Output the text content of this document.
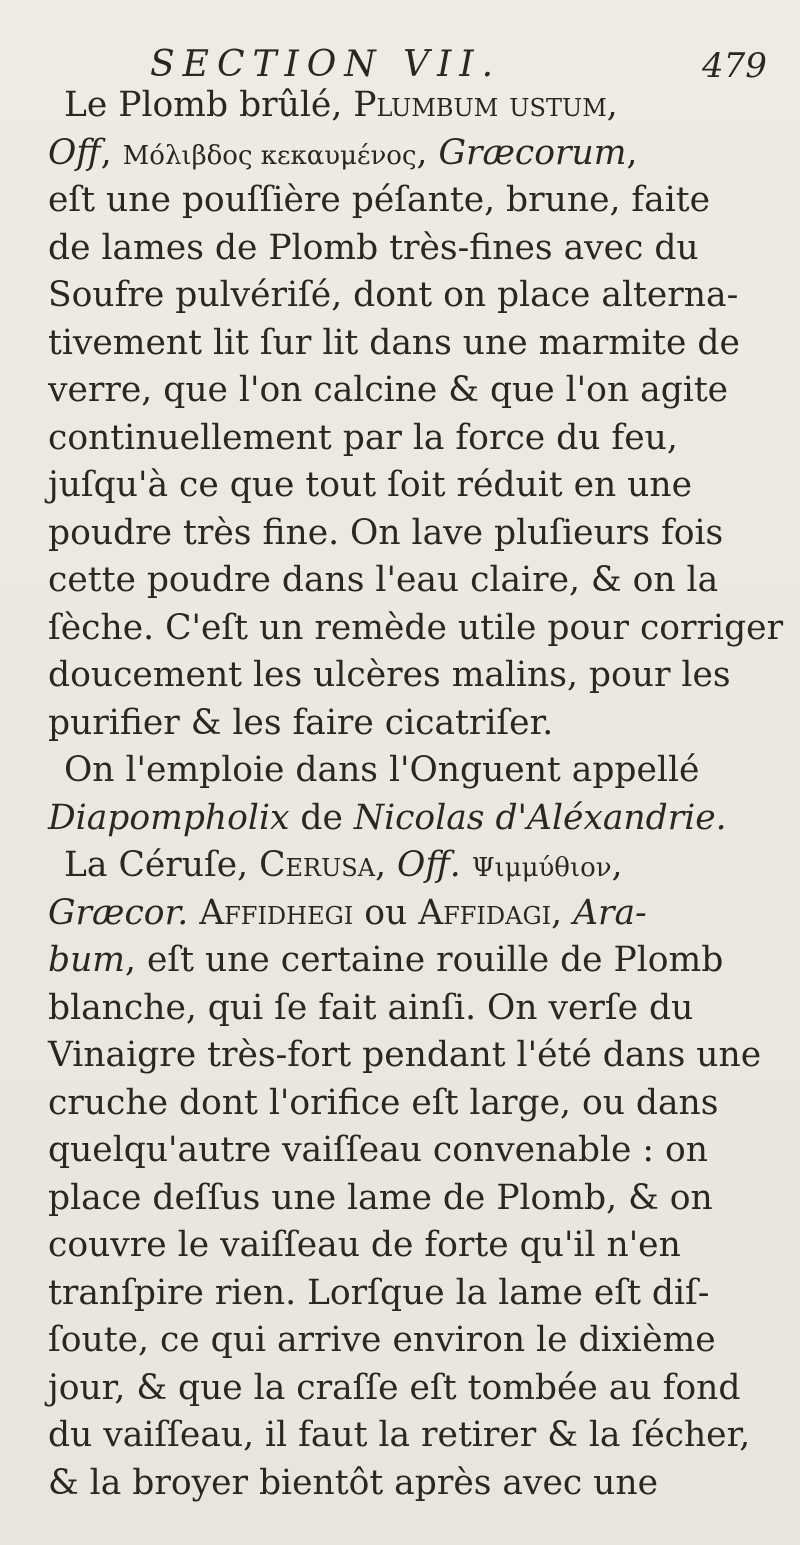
SECTION VII.	479
Le Plomb brûlé, Plumbum ustum,
Off, Μόλιβδος κεκαυμένος, Græcorum,
eſt une pouſſière péſante, brune, faite
de lames de Plomb très-fines avec du
Soufre pulvériſé, dont on place alterna-
tivement lit ſur lit dans une marmite de
verre, que l'on calcine & que l'on agite
continuellement par la force du feu,
juſqu'à ce que tout ſoit réduit en une
poudre très fine. On lave pluſieurs fois
cette poudre dans l'eau claire, & on la
ſèche. C'eſt un remède utile pour corriger
doucement les ulcères malins, pour les
purifier & les faire cicatriſer.
On l'emploie dans l'Onguent appellé
Diapompholix de Nicolas d'Aléxandrie.
La Céruſe, Cerusa, Off. Ψιμμύθιον,
Græcor. Affidhegi ou Affidagi, Ara-
bum, eſt une certaine rouille de Plomb
blanche, qui ſe fait ainſi. On verſe du
Vinaigre très-fort pendant l'été dans une
cruche dont l'orifice eſt large, ou dans
quelqu'autre vaiſſeau convenable : on
place deſſus une lame de Plomb, & on
couvre le vaiſſeau de forte qu'il n'en
tranſpire rien. Lorſque la lame eſt diſ-
ſoute, ce qui arrive environ le dixième
jour, & que la craſſe eſt tombée au fond
du vaiſſeau, il faut la retirer & la ſécher,
& la broyer bientôt après avec une
